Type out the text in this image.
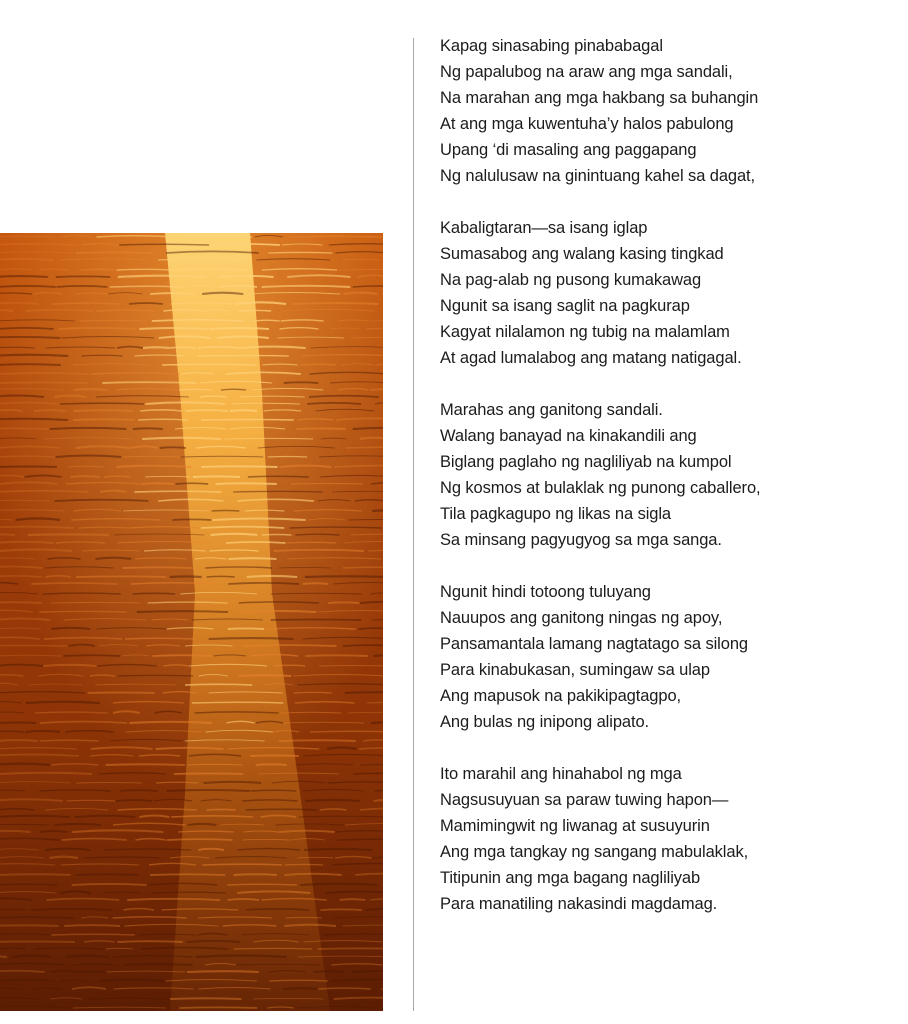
Kapag sinasabing pinababagal
Ng papalubog na araw ang mga sandali,
Na marahan ang mga hakbang sa buhangin
At ang mga kuwentuha’y halos pabulong
Upang ‘di masaling ang paggapang
Ng nalulusaw na ginintuang kahel sa dagat,
Kabaligtaran—sa isang iglap
Sumasabog ang walang kasing tingkad
Na pag-alab ng pusong kumakawag
Ngunit sa isang saglit na pagkurap
Kagyat nilalamon ng tubig na malamlam
At agad lumalabog ang matang natigagal.
Marahas ang ganitong sandali.
Walang banayad na kinakandili ang
Biglang paglaho ng nagliliyab na kumpol
Ng kosmos at bulaklak ng punong caballero,
Tila pagkagupo ng likas na sigla
Sa minsang pagyugyog sa mga sanga.
Ngunit hindi totoong tuluyang
Nauupos ang ganitong ningas ng apoy,
Pansamantala lamang nagtatago sa silong
Para kinabukasan, sumingaw sa ulap
Ang mapusok na pakikipagtagpo,
Ang bulas ng inipong alipato.
Ito marahil ang hinahabol ng mga
Nagsusuyuan sa paraw tuwing hapon—
Mamimingwit ng liwanag at susuyurin
Ang mga tangkay ng sangang mabulaklak,
Titipunin ang mga bagang nagliliyab
Para manatiling nakasindi magdamag.
